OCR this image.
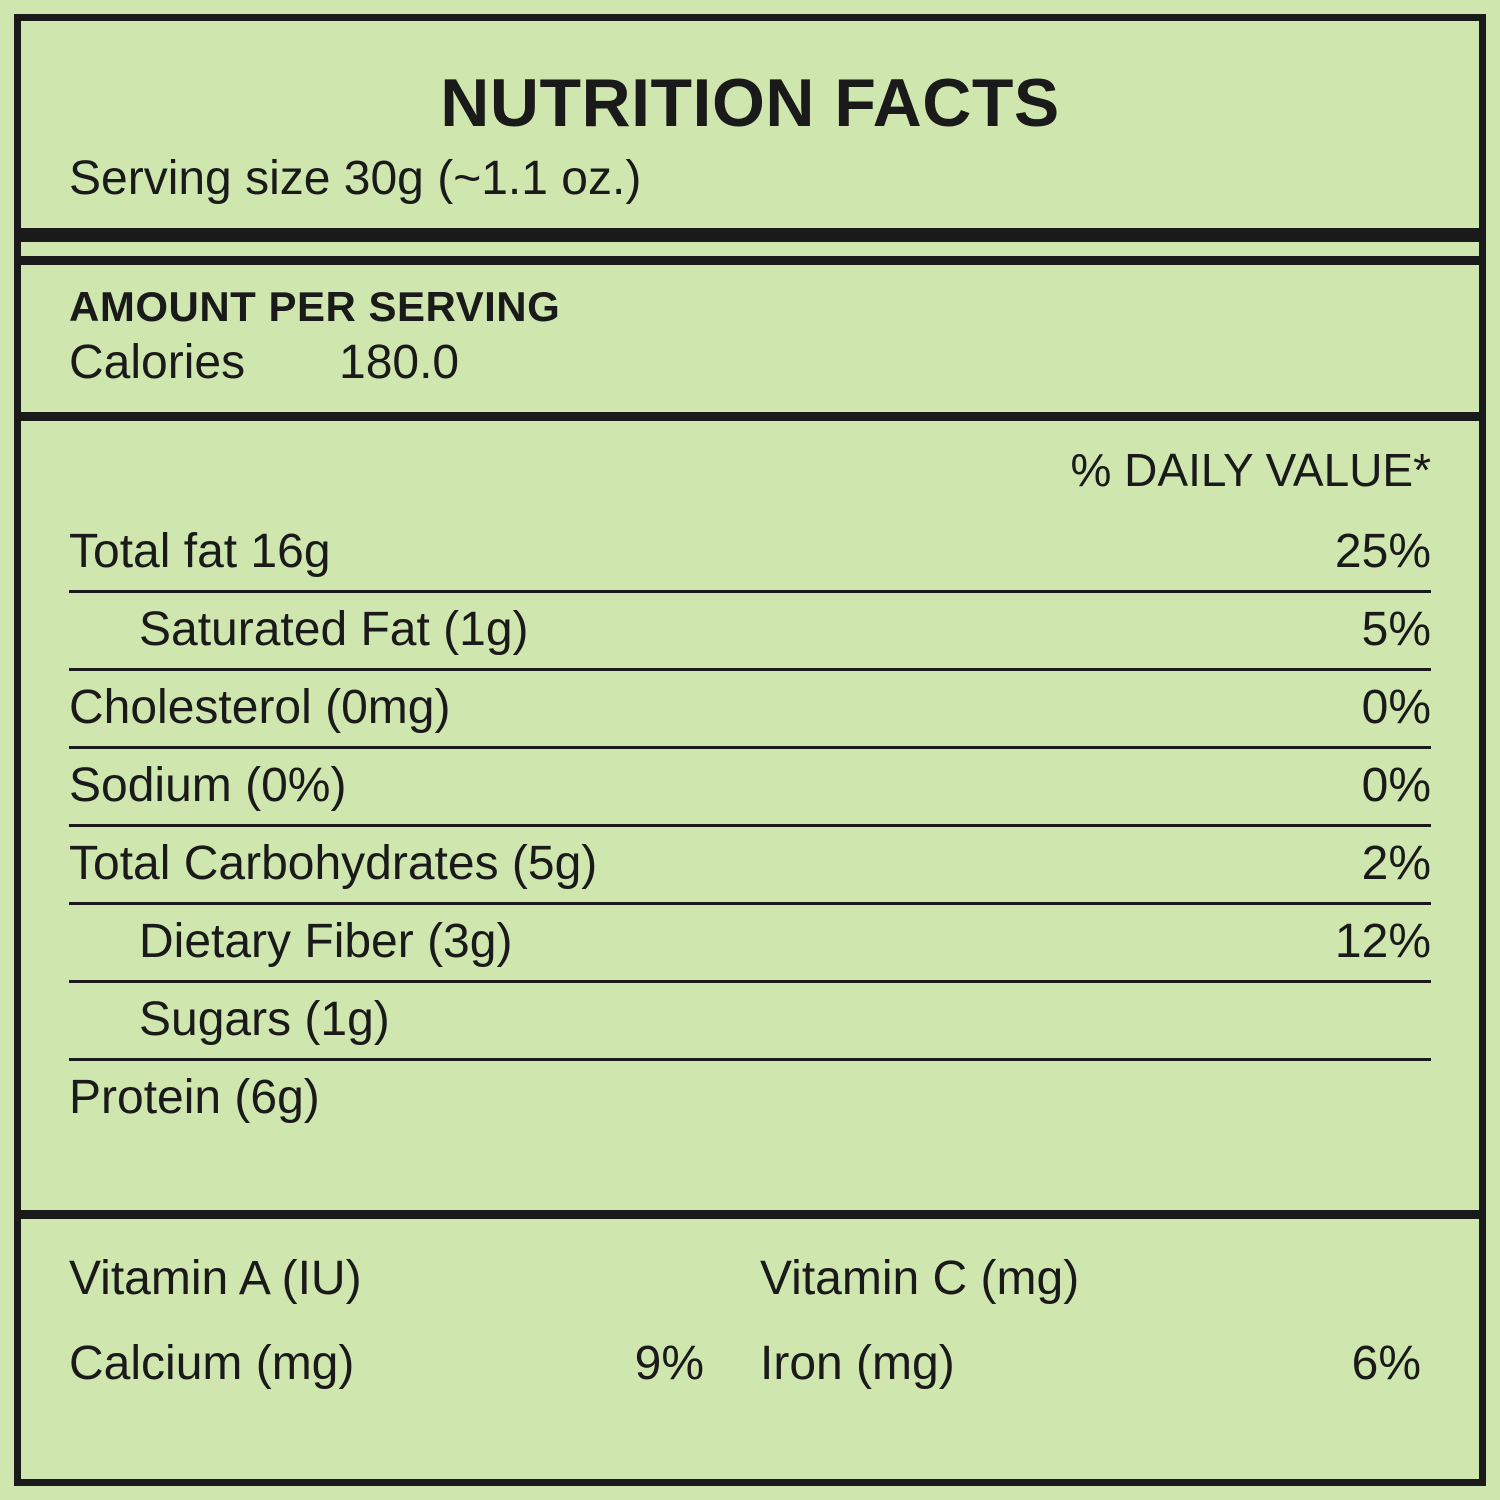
NUTRITION FACTS
Serving size 30g (~1.1 oz.)
AMOUNT PER SERVING
Calories	180.0
% DAILY VALUE*
Total fat 16g	25%
Saturated Fat (1g)	5%
Cholesterol (0mg)	0%
Sodium (0%)	0%
Total Carbohydrates (5g)	2%
Dietary Fiber (3g)	12%
Sugars (1g)
Protein (6g)
Vitamin A (IU)	Vitamin C (mg)
Calcium (mg)	9% Iron (mg)	6%
